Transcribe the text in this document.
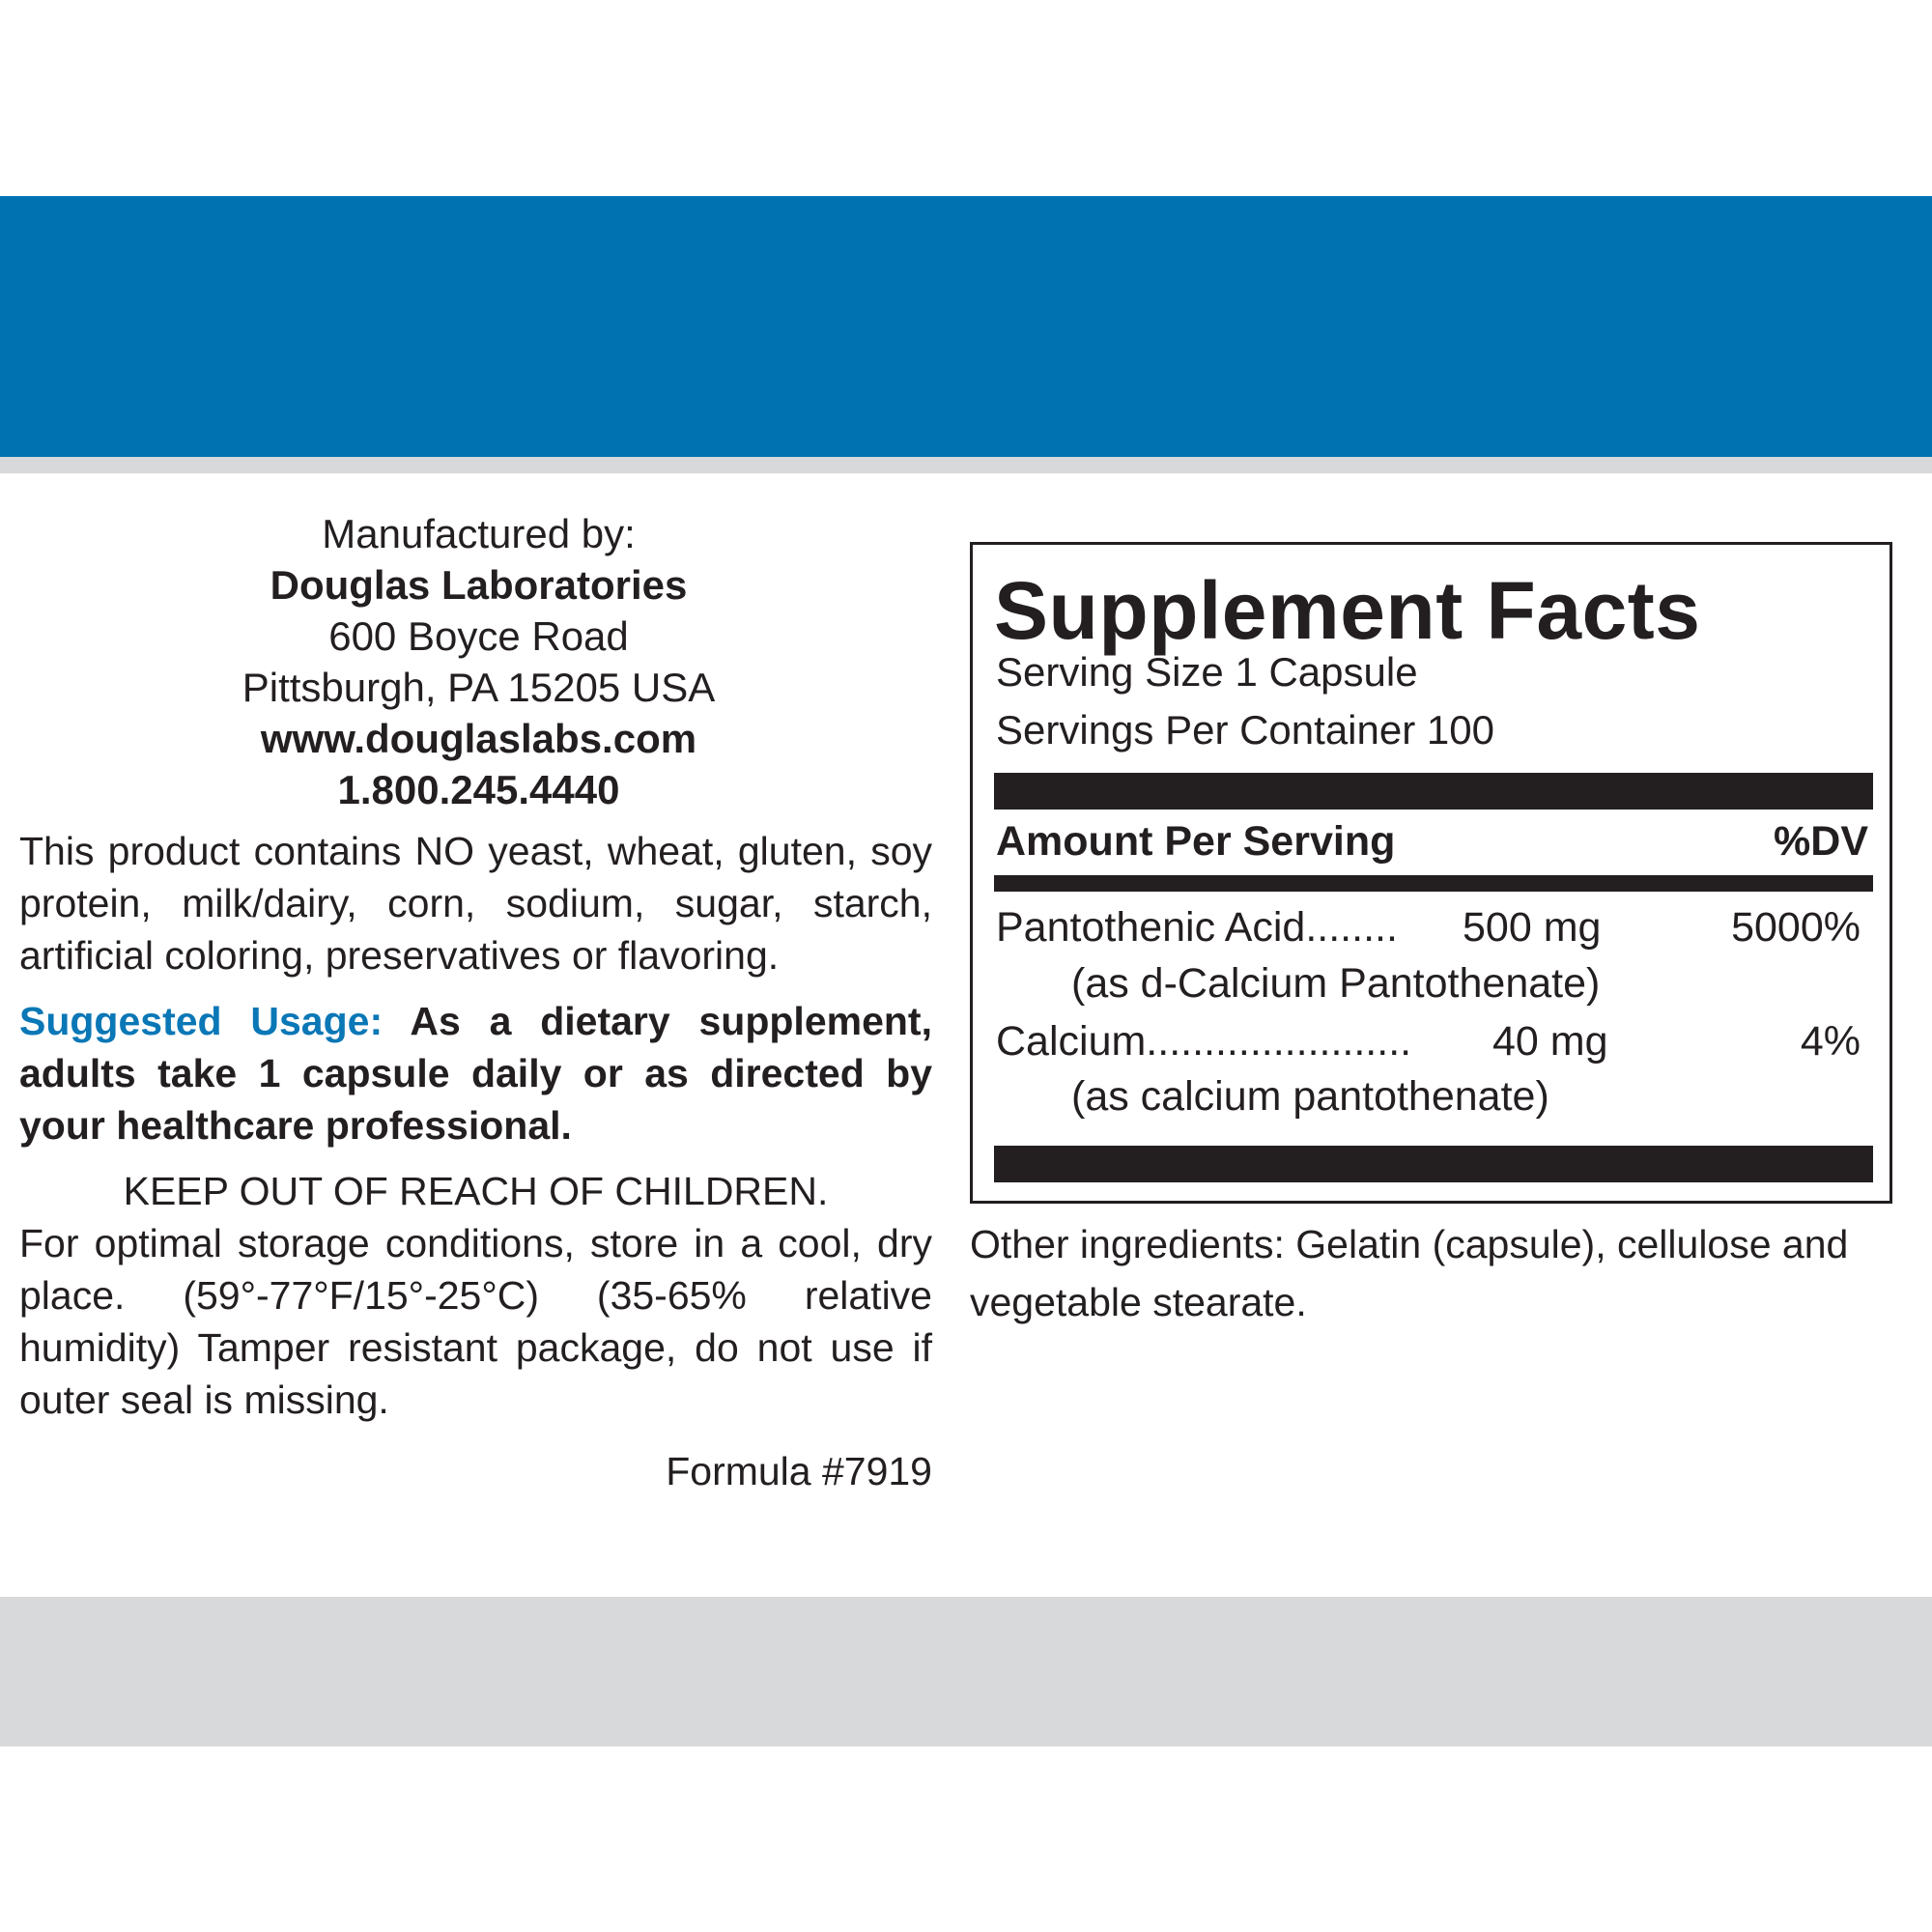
Manufactured by:
Douglas Laboratories
600 Boyce Road
Pittsburgh, PA 15205 USA
www.douglaslabs.com
1.800.245.4440

This product contains NO yeast, wheat, gluten, soy protein, milk/dairy, corn, sodium, sugar, starch, artificial coloring, preservatives or flavoring.

Suggested Usage: As a dietary supplement, adults take 1 capsule daily or as directed by your healthcare professional.

KEEP OUT OF REACH OF CHILDREN.

For optimal storage conditions, store in a cool, dry place. (59°-77°F/15°-25°C) (35-65% relative humidity) Tamper resistant package, do not use if outer seal is missing.

Formula #7919
Supplement Facts
Serving Size 1 Capsule
Servings Per Container 100
Amount Per Serving	%DV
Pantothenic Acid........ 500 mg	5000%
(as d-Calcium Pantothenate)
Calcium....................... 40 mg	4%
(as calcium pantothenate)
Other ingredients: Gelatin (capsule), cellulose and vegetable stearate.
